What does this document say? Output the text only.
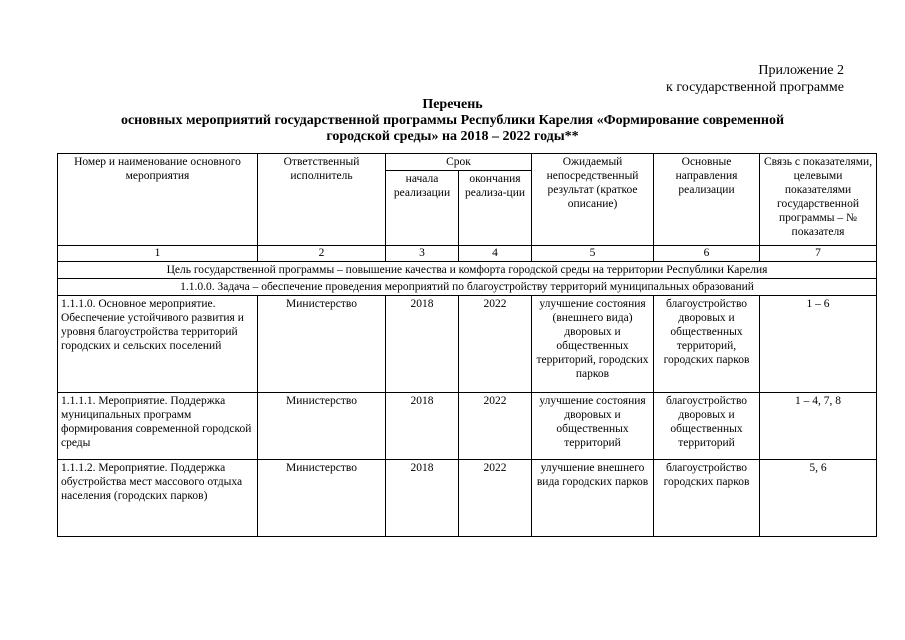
Приложение 2
к государственной программе
Перечень
основных мероприятий государственной программы Республики Карелия «Формирование современной
городской среды» на 2018 – 2022 годы**
Номер и наименование основного мероприятия	Ответственный исполнитель	Срок		Ожидаемый непосредственный результат (краткое описание)	Основные направления реализации	Связь с показателями, целевыми показателями государственной программы – № показателя
		начала реализации	окончания реализа-ции			
1	2	3	4	5	6	7
Цель государственной программы – повышение качества и комфорта городской среды на территории Республики Карелия						
1.1.0.0. Задача – обеспечение проведения мероприятий по благоустройству территорий муниципальных образований						
1.1.1.0. Основное мероприятие. Обеспечение устойчивого развития и уровня благоустройства территорий городских и сельских поселений	Министерство	2018	2022	улучшение состояния (внешнего вида) дворовых и общественных территорий, городских парков	благоустройство дворовых и общественных территорий, городских парков	1 – 6
1.1.1.1. Мероприятие. Поддержка муниципальных программ формирования современной городской среды	Министерство	2018	2022	улучшение состояния дворовых и общественных территорий	благоустройство дворовых и общественных территорий	1 – 4, 7, 8
1.1.1.2. Мероприятие. Поддержка обустройства мест массового отдыха населения (городских парков)	Министерство	2018	2022	улучшение внешнего вида городских парков	благоустройство городских парков	5, 6
